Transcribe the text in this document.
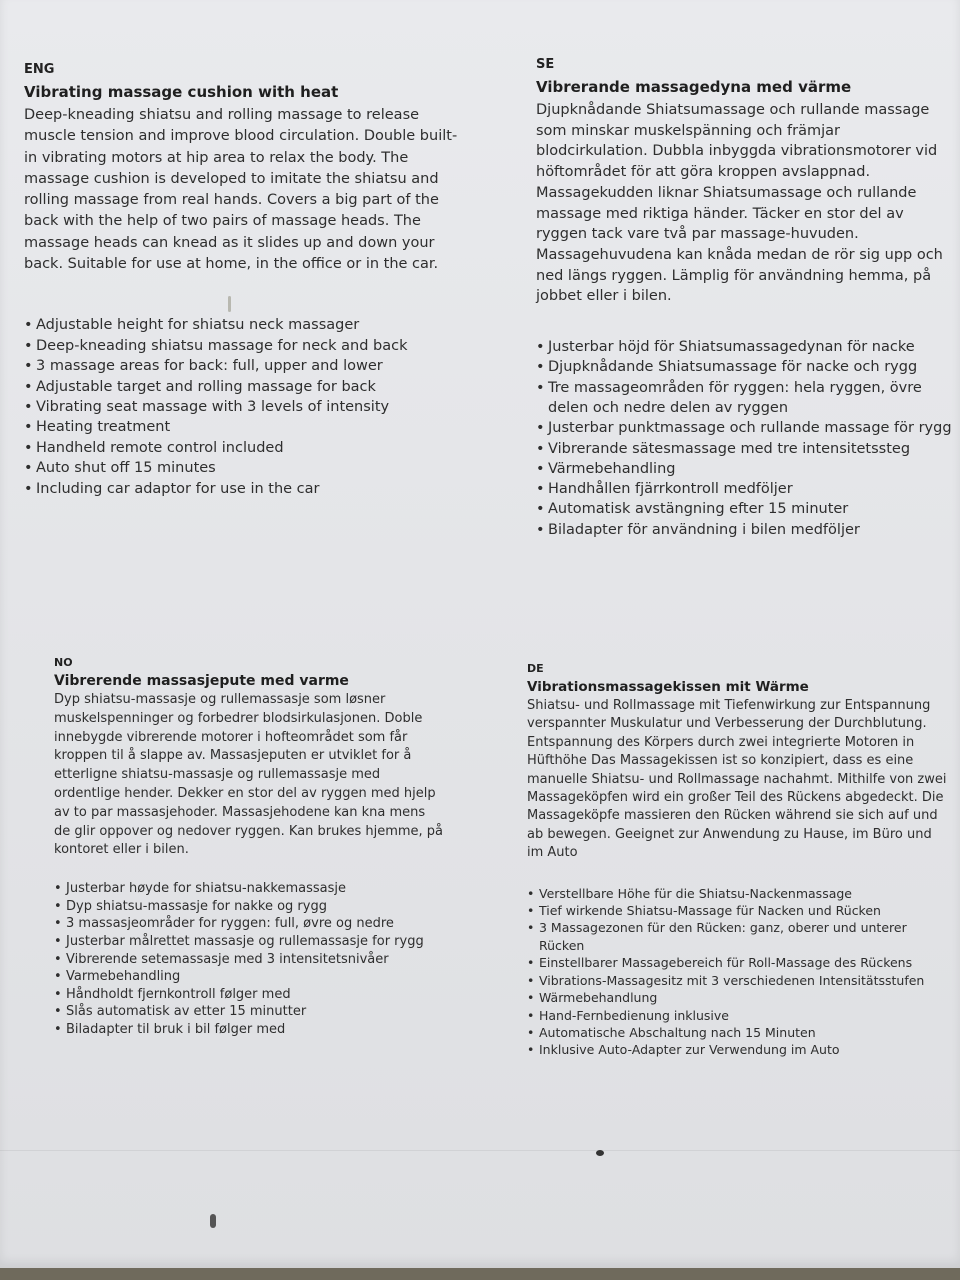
ENG
Vibrating massage cushion with heat

Deep-kneading shiatsu and rolling massage to release muscle tension and improve blood circulation. Double built-in vibrating motors at hip area to relax the body. The massage cushion is developed to imitate the shiatsu and rolling massage from real hands. Covers a big part of the back with the help of two pairs of massage heads. The massage heads can knead as it slides up and down your back. Suitable for use at home, in the office or in the car.

• Adjustable height for shiatsu neck massager
• Deep-kneading shiatsu massage for neck and back
• 3 massage areas for back: full, upper and lower
• Adjustable target and rolling massage for back
• Vibrating seat massage with 3 levels of intensity
• Heating treatment
• Handheld remote control included
• Auto shut off 15 minutes
• Including car adaptor for use in the car
SE
Vibrerande massagedyna med värme

Djupknådande Shiatsumassage och rullande massage som minskar muskelspänning och främjar blodcirkulation. Dubbla inbyggda vibrationsmotorer vid höftområdet för att göra kroppen avslappnad. Massagekudden liknar Shiatsumassage och rullande massage med riktiga händer. Täcker en stor del av ryggen tack vare två par massage-huvuden. Massagehuvudena kan knåda medan de rör sig upp och ned längs ryggen. Lämplig för användning hemma, på jobbet eller i bilen.

• Justerbar höjd för Shiatsumassagedynan för nacke
• Djupknådande Shiatsumassage för nacke och rygg
• Tre massageområden för ryggen: hela ryggen, övre delen och nedre delen av ryggen
• Justerbar punktmassage och rullande massage för rygg
• Vibrerande sätesmassage med tre intensitetssteg
• Värmebehandling
• Handhållen fjärrkontroll medföljer
• Automatisk avstängning efter 15 minuter
• Biladapter för användning i bilen medföljer
NO
Vibrerende massasjepute med varme

Dyp shiatsu-massasje og rullemassasje som løsner muskelspenninger og forbedrer blodsirkulasjonen. Doble innebygde vibrerende motorer i hofteområdet som får kroppen til å slappe av. Massasjeputen er utviklet for å etterligne shiatsu-massasje og rullemassasje med ordentlige hender. Dekker en stor del av ryggen med hjelp av to par massasjehoder. Massasjehodene kan kna mens de glir oppover og nedover ryggen. Kan brukes hjemme, på kontoret eller i bilen.

• Justerbar høyde for shiatsu-nakkemassasje
• Dyp shiatsu-massasje for nakke og rygg
• 3 massasjeområder for ryggen: full, øvre og nedre
• Justerbar målrettet massasje og rullemassasje for rygg
• Vibrerende setemassasje med 3 intensitetsnivåer
• Varmebehandling
• Håndholdt fjernkontroll følger med
• Slås automatisk av etter 15 minutter
• Biladapter til bruk i bil følger med
DE
Vibrationsmassagekissen mit Wärme

Shiatsu- und Rollmassage mit Tiefenwirkung zur Entspannung verspannter Muskulatur und Verbesserung der Durchblutung. Entspannung des Körpers durch zwei integrierte Motoren in Hüfthöhe Das Massagekissen ist so konzipiert, dass es eine manuelle Shiatsu- und Rollmassage nachahmt. Mithilfe von zwei Massageköpfen wird ein großer Teil des Rückens abgedeckt. Die Massageköpfe massieren den Rücken während sie sich auf und ab bewegen. Geeignet zur Anwendung zu Hause, im Büro und im Auto

• Verstellbare Höhe für die Shiatsu-Nackenmassage
• Tief wirkende Shiatsu-Massage für Nacken und Rücken
• 3 Massagezonen für den Rücken: ganz, oberer und unterer Rücken
• Einstellbarer Massagebereich für Roll-Massage des Rückens
• Vibrations-Massagesitz mit 3 verschiedenen Intensitätsstufen
• Wärmebehandlung
• Hand-Fernbedienung inklusive
• Automatische Abschaltung nach 15 Minuten
• Inklusive Auto-Adapter zur Verwendung im Auto
